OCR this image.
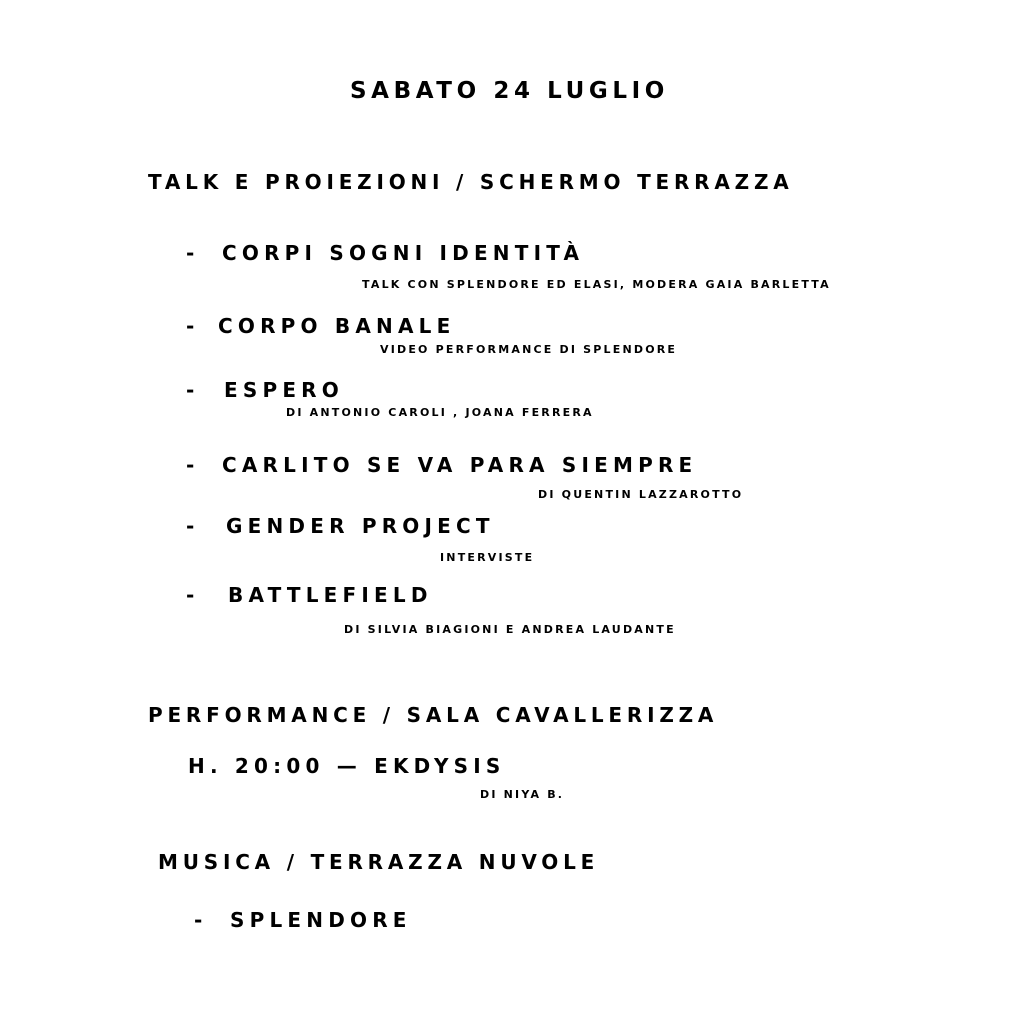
SABATO 24 LUGLIO
TALK E PROIEZIONI / SCHERMO TERRAZZA
- CORPI SOGNI IDENTITÀ
TALK CON SPLENDORE ED ELASI, MODERA GAIA BARLETTA
- CORPO BANALE
VIDEO PERFORMANCE DI SPLENDORE
- ESPERO
DI ANTONIO CAROLI , JOANA FERRERA
- CARLITO SE VA PARA SIEMPRE
DI QUENTIN LAZZAROTTO
- GENDER PROJECT
INTERVISTE
- BATTLEFIELD
DI SILVIA BIAGIONI E ANDREA LAUDANTE
PERFORMANCE / SALA CAVALLERIZZA
H. 20:00 — EKDYSIS
DI NIYA B.
MUSICA / TERRAZZA NUVOLE
- SPLENDORE
